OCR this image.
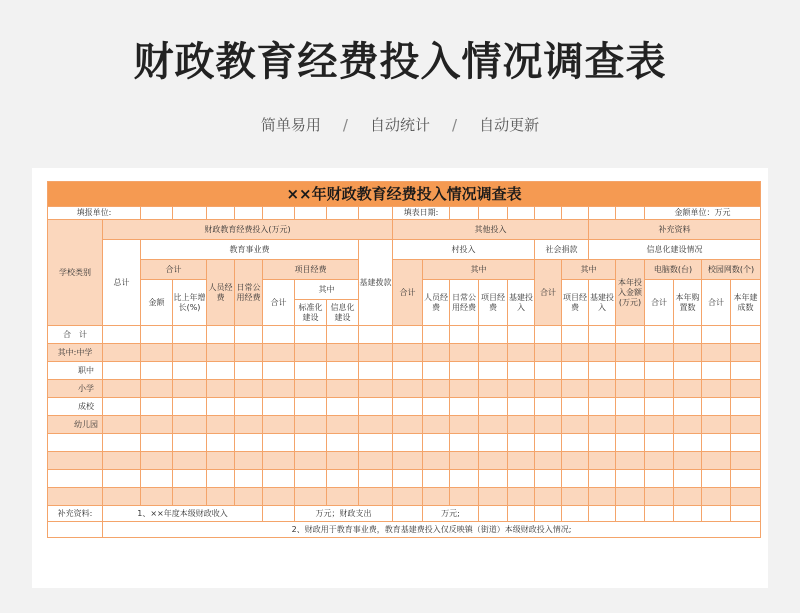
财政教育经费投入情况调查表
简单易用 / 自动统计 / 自动更新
××年财政教育经费投入情况调查表																						
填报单位:										填表日期:									金额单位：万元			
学校类别	财政教育经费投入(万元)									其他投入							补充资料					
	总计	教育事业费							基建拨款	村投入					社会捐款		信息化建设情况					
		合计		人员经费	日常公用经费	项目经费				合计	其中				合计	其中		本年投入金额(万元)	电脑数(台)		校园网数(个)	
		金额	比上年增长(%)			合计	其中				人员经费	日常公用经费	项目经费	基建投入		项目经费	基建投入		合计	本年购置数	合计	本年建成数
							标准化建设	信息化建设														
合　计																						
其中:中学																						
职中																						
小学																						
成校																						
幼儿园																						

补充资料:	1、××年度本级财政收入						万元；财政支出				万元;											
	2、财政用于教育事业费，教育基建费投入仅反映镇（街道）本级财政投入情况;																					
